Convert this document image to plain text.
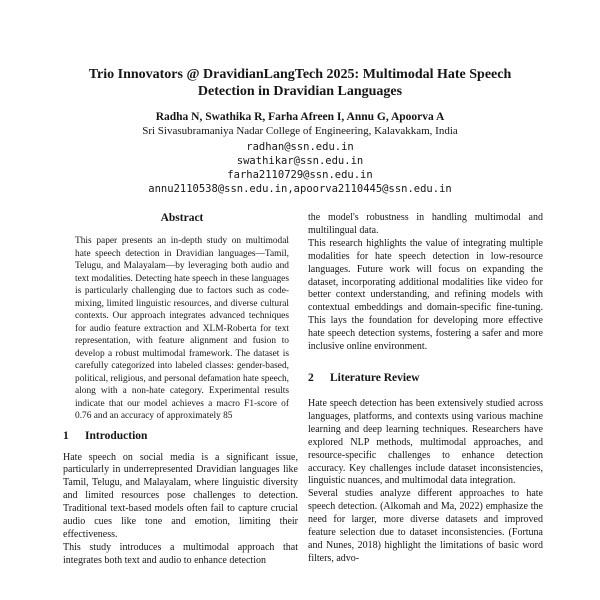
Trio Innovators @ DravidianLangTech 2025: Multimodal Hate Speech
Detection in Dravidian Languages
Radha N, Swathika R, Farha Afreen I, Annu G, Apoorva A
Sri Sivasubramaniya Nadar College of Engineering, Kalavakkam, India
radhan@ssn.edu.in
swathikar@ssn.edu.in
farha2110729@ssn.edu.in
annu2110538@ssn.edu.in,apoorva2110445@ssn.edu.in
Abstract

This paper presents an in-depth study on multimodal hate speech detection in Dravidian languages—Tamil, Telugu, and Malayalam—by leveraging both audio and text modalities. Detecting hate speech in these languages is particularly challenging due to factors such as code-mixing, limited linguistic resources, and diverse cultural contexts. Our approach integrates advanced techniques for audio feature extraction and XLM-Roberta for text representation, with feature alignment and fusion to develop a robust multimodal framework. The dataset is carefully categorized into labeled classes: gender-based, political, religious, and personal defamation hate speech, along with a non-hate category. Experimental results indicate that our model achieves a macro F1-score of 0.76 and an accuracy of approximately 85

1 Introduction

Hate speech on social media is a significant issue, particularly in underrepresented Dravidian languages like Tamil, Telugu, and Malayalam, where linguistic diversity and limited resources pose challenges to detection. Traditional text-based models often fail to capture crucial audio cues like tone and emotion, limiting their effectiveness.

This study introduces a multimodal approach that integrates both text and audio to enhance detection

the model's robustness in handling multimodal and multilingual data.

This research highlights the value of integrating multiple modalities for hate speech detection in low-resource languages. Future work will focus on expanding the dataset, incorporating additional modalities like video for better context understanding, and refining models with contextual embeddings and domain-specific fine-tuning. This lays the foundation for developing more effective hate speech detection systems, fostering a safer and more inclusive online environment.

2 Literature Review

Hate speech detection has been extensively studied across languages, platforms, and contexts using various machine learning and deep learning techniques. Researchers have explored NLP methods, multimodal approaches, and resource-specific challenges to enhance detection accuracy. Key challenges include dataset inconsistencies, linguistic nuances, and multimodal data integration.

Several studies analyze different approaches to hate speech detection. (Alkomah and Ma, 2022) emphasize the need for larger, more diverse datasets and improved feature selection due to dataset inconsistencies. (Fortuna and Nunes, 2018) highlight the limitations of basic word filters, advo-
